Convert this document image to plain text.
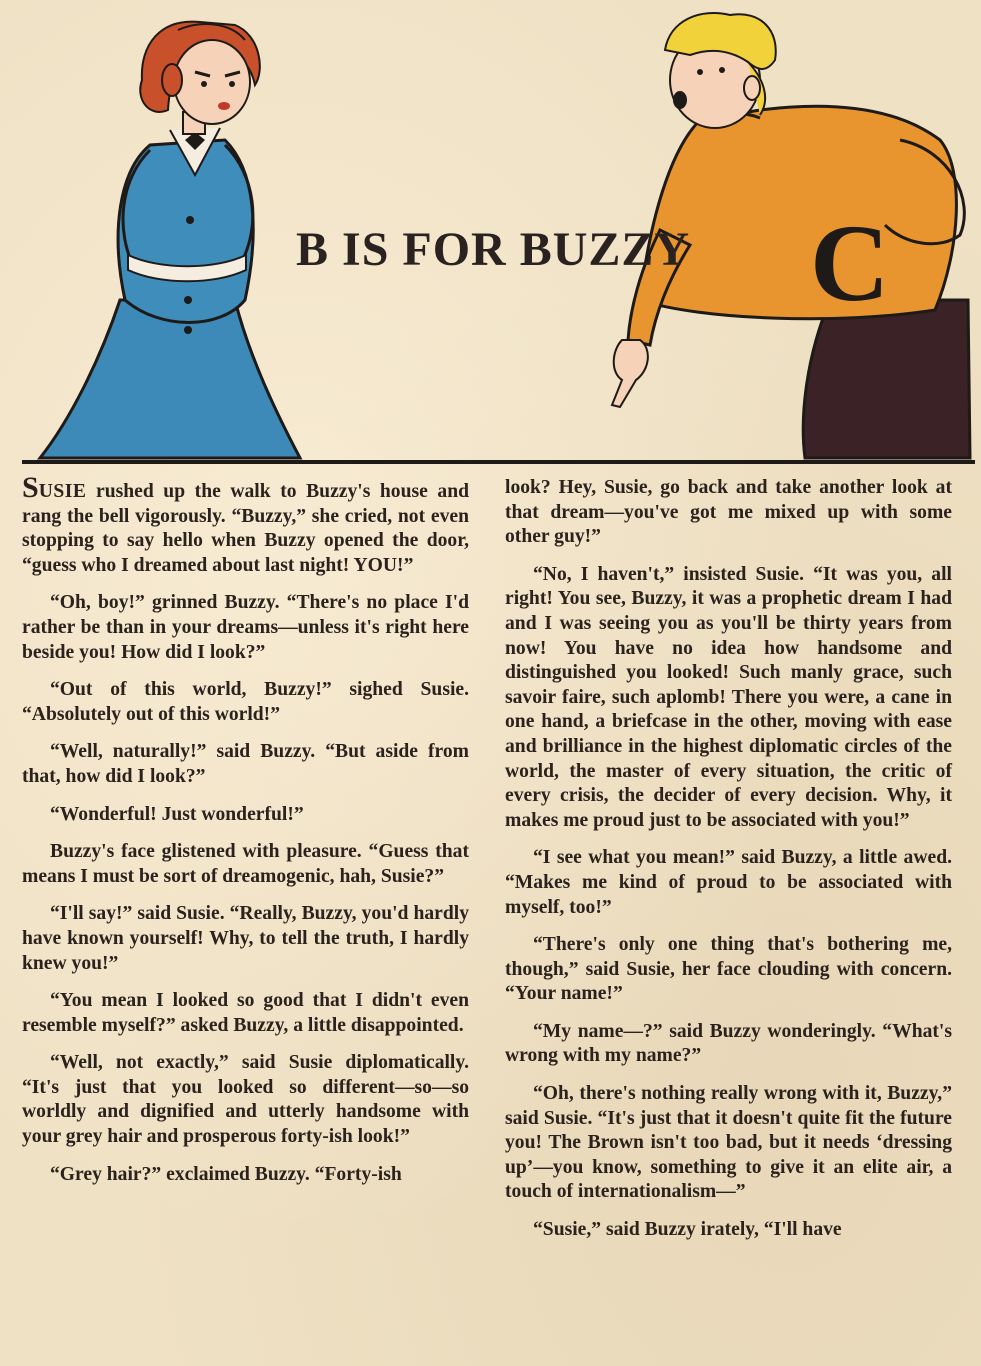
C
B IS FOR BUZZY

SUSIE rushed up the walk to Buzzy's house and rang the bell vigorously. “Buzzy,” she cried, not even stopping to say hello when Buzzy opened the door, “guess who I dreamed about last night! YOU!”

“Oh, boy!” grinned Buzzy. “There's no place I'd rather be than in your dreams—unless it's right here beside you! How did I look?”

“Out of this world, Buzzy!” sighed Susie. “Absolutely out of this world!”

“Well, naturally!” said Buzzy. “But aside from that, how did I look?”

“Wonderful! Just wonderful!”

Buzzy's face glistened with pleasure. “Guess that means I must be sort of dreamogenic, hah, Susie?”

“I'll say!” said Susie. “Really, Buzzy, you'd hardly have known yourself! Why, to tell the truth, I hardly knew you!”

“You mean I looked so good that I didn't even resemble myself?” asked Buzzy, a little disappointed.

“Well, not exactly,” said Susie diplomatically. “It's just that you looked so different—so—so worldly and dignified and utterly handsome with your grey hair and prosperous forty-ish look!”

“Grey hair?” exclaimed Buzzy. “Forty-ish

look? Hey, Susie, go back and take another look at that dream—you've got me mixed up with some other guy!”

“No, I haven't,” insisted Susie. “It was you, all right! You see, Buzzy, it was a prophetic dream I had and I was seeing you as you'll be thirty years from now! You have no idea how handsome and distinguished you looked! Such manly grace, such savoir faire, such aplomb! There you were, a cane in one hand, a briefcase in the other, moving with ease and brilliance in the highest diplomatic circles of the world, the master of every situation, the critic of every crisis, the decider of every decision. Why, it makes me proud just to be associated with you!”

“I see what you mean!” said Buzzy, a little awed. “Makes me kind of proud to be associated with myself, too!”

“There's only one thing that's bothering me, though,” said Susie, her face clouding with concern. “Your name!”

“My name—?” said Buzzy wonderingly. “What's wrong with my name?”

“Oh, there's nothing really wrong with it, Buzzy,” said Susie. “It's just that it doesn't quite fit the future you! The Brown isn't too bad, but it needs ‘dressing up’—you know, something to give it an elite air, a touch of internationalism—”

“Susie,” said Buzzy irately, “I'll have
